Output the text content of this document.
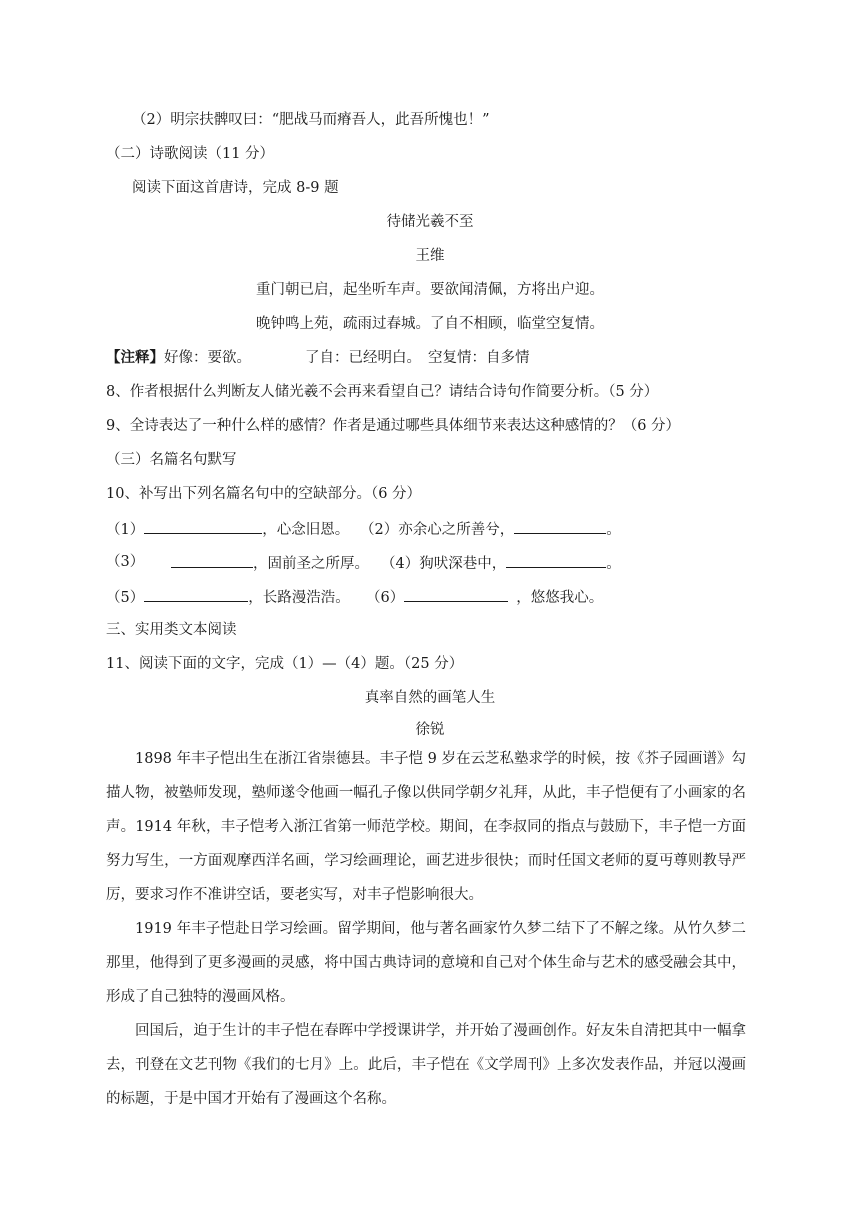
（2）明宗扶髀叹曰：“肥战马而瘠吾人，此吾所愧也！”
（二）诗歌阅读（11 分）
阅读下面这首唐诗，完成 8-9 题
待储光羲不至
王维
重门朝已启，起坐听车声。要欲闻清佩，方将出户迎。
晚钟鸣上苑，疏雨过春城。了自不相顾，临堂空复情。
【注释】好像：要欲。	了自：已经明白。 空复情：自多情
8、作者根据什么判断友人储光羲不会再来看望自己？请结合诗句作简要分析。（5 分）
9、全诗表达了一种什么样的感情？作者是通过哪些具体细节来表达这种感情的？（6 分）
（三）名篇名句默写
10、补写出下列名篇名句中的空缺部分。（6 分）
（1）	，心念旧恩。 （2）亦余心之所善兮，	。
（3）	，固前圣之所厚。 （4）狗吠深巷中，	。
（5）	，长路漫浩浩。 （6）	，悠悠我心。
三、实用类文本阅读
11、阅读下面的文字，完成（1）—（4）题。（25 分）
真率自然的画笔人生
徐锐
1898 年丰子恺出生在浙江省崇德县。丰子恺 9 岁在云芝私塾求学的时候，按《芥子园画谱》勾描人物，被塾师发现，塾师遂令他画一幅孔子像以供同学朝夕礼拜，从此，丰子恺便有了小画家的名声。1914 年秋，丰子恺考入浙江省第一师范学校。期间，在李叔同的指点与鼓励下，丰子恺一方面努力写生，一方面观摩西洋名画，学习绘画理论，画艺进步很快；而时任国文老师的夏丏尊则教导严厉，要求习作不准讲空话，要老实写，对丰子恺影响很大。
1919 年丰子恺赴日学习绘画。留学期间，他与著名画家竹久梦二结下了不解之缘。从竹久梦二那里，他得到了更多漫画的灵感，将中国古典诗词的意境和自己对个体生命与艺术的感受融会其中，形成了自己独特的漫画风格。
回国后，迫于生计的丰子恺在春晖中学授课讲学，并开始了漫画创作。好友朱自清把其中一幅拿去，刊登在文艺刊物《我们的七月》上。此后，丰子恺在《文学周刊》上多次发表作品，并冠以漫画的标题，于是中国才开始有了漫画这个名称。
